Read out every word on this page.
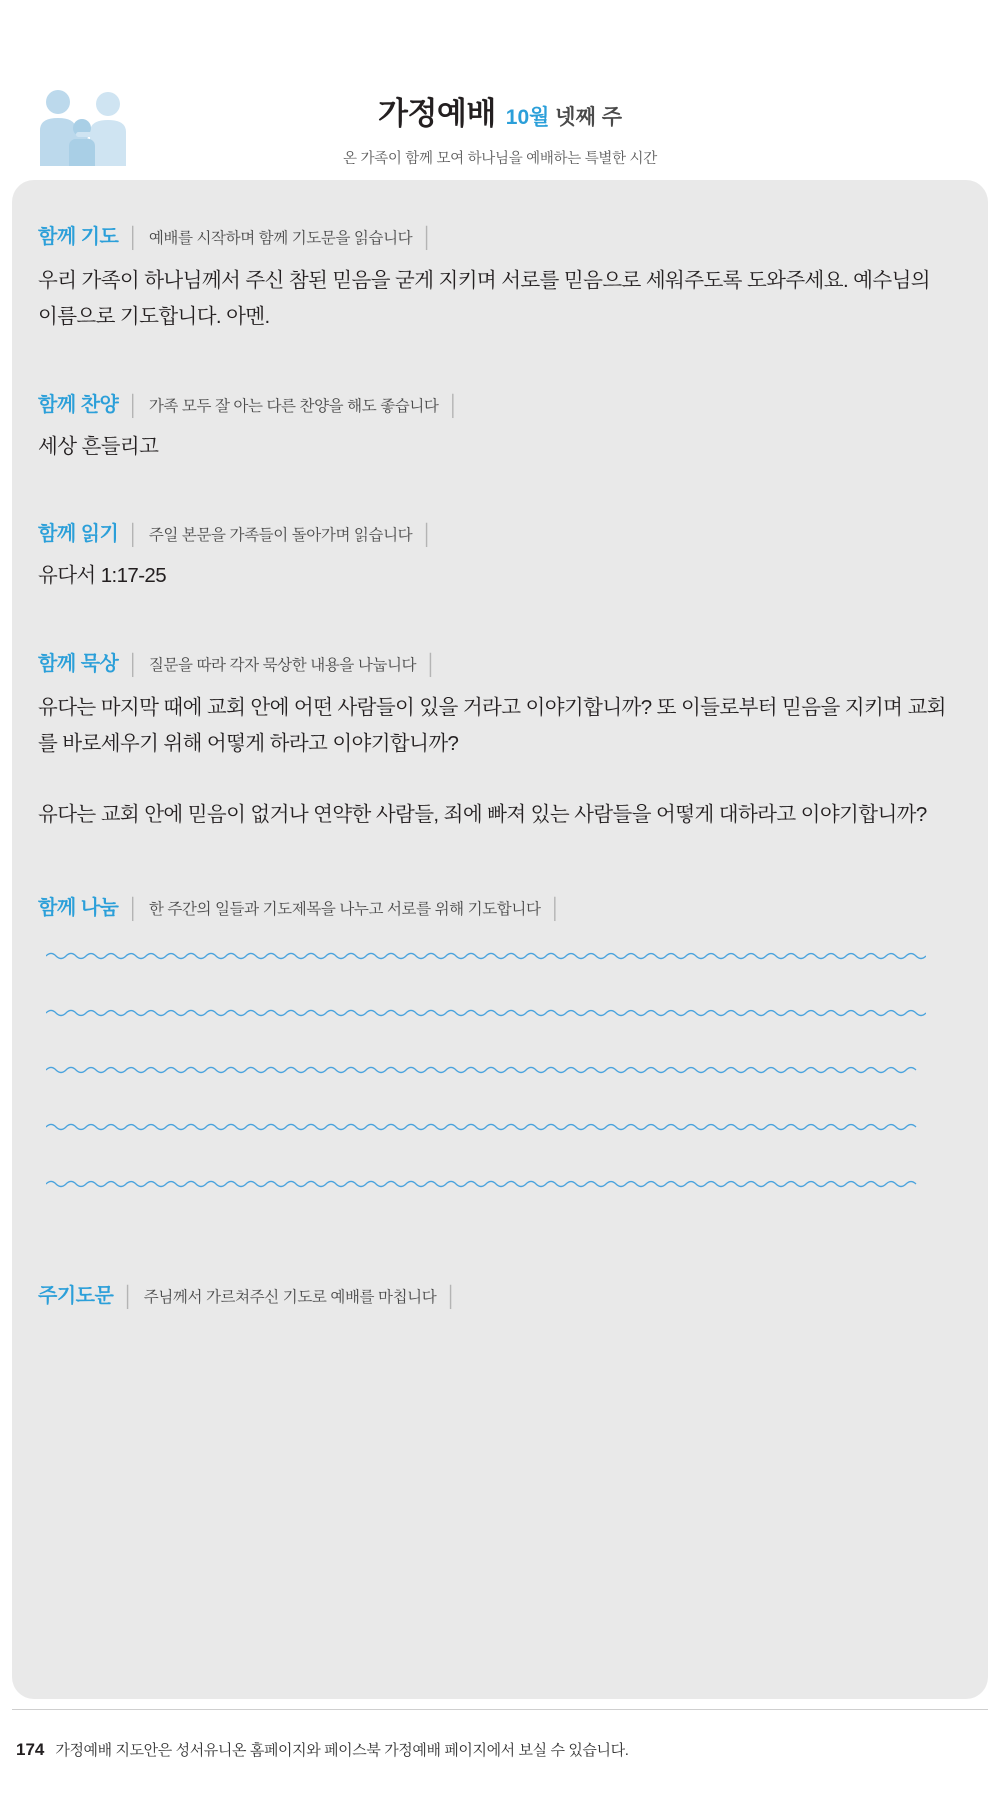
가정예배 10월 넷째 주
온 가족이 함께 모여 하나님을 예배하는 특별한 시간
함께 기도 │ 예배를 시작하며 함께 기도문을 읽습니다 │
우리 가족이 하나님께서 주신 참된 믿음을 굳게 지키며 서로를 믿음으로 세워주도록 도와주세요. 예수님의 이름으로 기도합니다. 아멘.
함께 찬양 │ 가족 모두 잘 아는 다른 찬양을 해도 좋습니다 │
세상 흔들리고
함께 읽기 │ 주일 본문을 가족들이 돌아가며 읽습니다 │
유다서 1:17-25
함께 묵상 │ 질문을 따라 각자 묵상한 내용을 나눕니다 │
유다는 마지막 때에 교회 안에 어떤 사람들이 있을 거라고 이야기합니까? 또 이들로부터 믿음을 지키며 교회를 바로세우기 위해 어떻게 하라고 이야기합니까?
유다는 교회 안에 믿음이 없거나 연약한 사람들, 죄에 빠져 있는 사람들을 어떻게 대하라고 이야기합니까?
함께 나눔 │ 한 주간의 일들과 기도제목을 나누고 서로를 위해 기도합니다 │
주기도문 │ 주님께서 가르쳐주신 기도로 예배를 마칩니다 │
174 가정예배 지도안은 성서유니온 홈페이지와 페이스북 가정예배 페이지에서 보실 수 있습니다.
